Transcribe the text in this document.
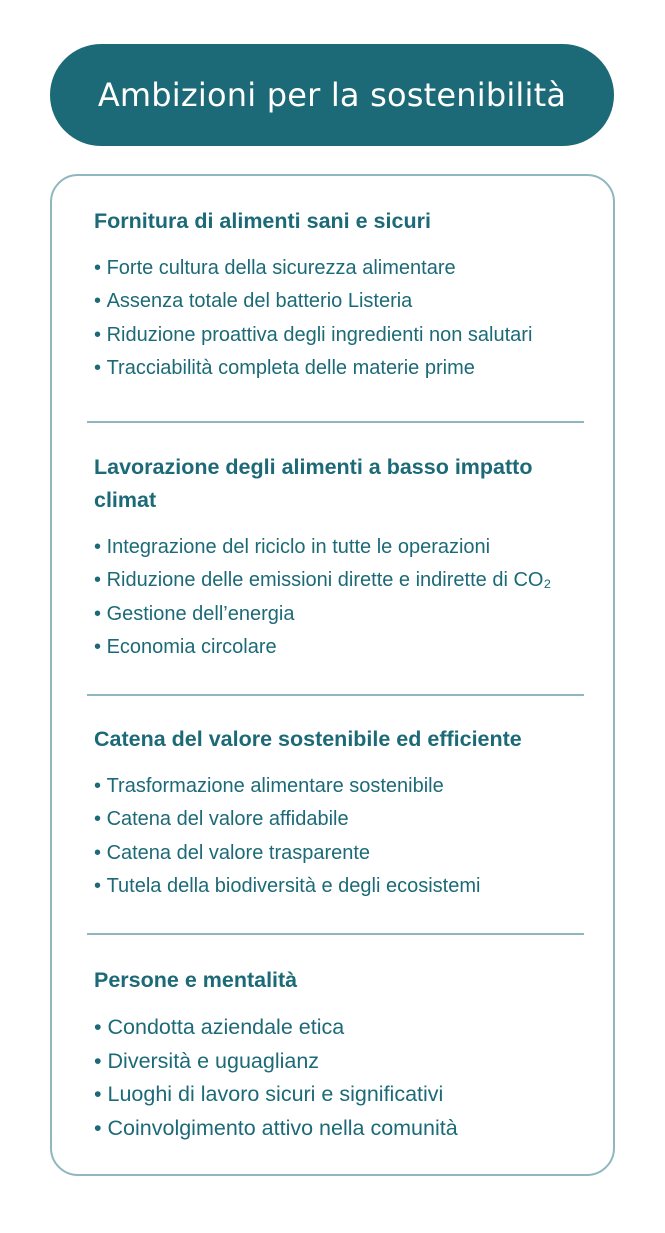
Ambizioni per la sostenibilità
Fornitura di alimenti sani e sicuri
• Forte cultura della sicurezza alimentare
• Assenza totale del batterio Listeria
• Riduzione proattiva degli ingredienti non salutari
• Tracciabilità completa delle materie prime
Lavorazione degli alimenti a basso impatto climat
• Integrazione del riciclo in tutte le operazioni
• Riduzione delle emissioni dirette e indirette di CO₂
• Gestione dell’energia
• Economia circolare
Catena del valore sostenibile ed efficiente
• Trasformazione alimentare sostenibile
• Catena del valore affidabile
• Catena del valore trasparente
• Tutela della biodiversità e degli ecosistemi
Persone e mentalità
• Condotta aziendale etica
• Diversità e uguaglianz
• Luoghi di lavoro sicuri e significativi
• Coinvolgimento attivo nella comunità
